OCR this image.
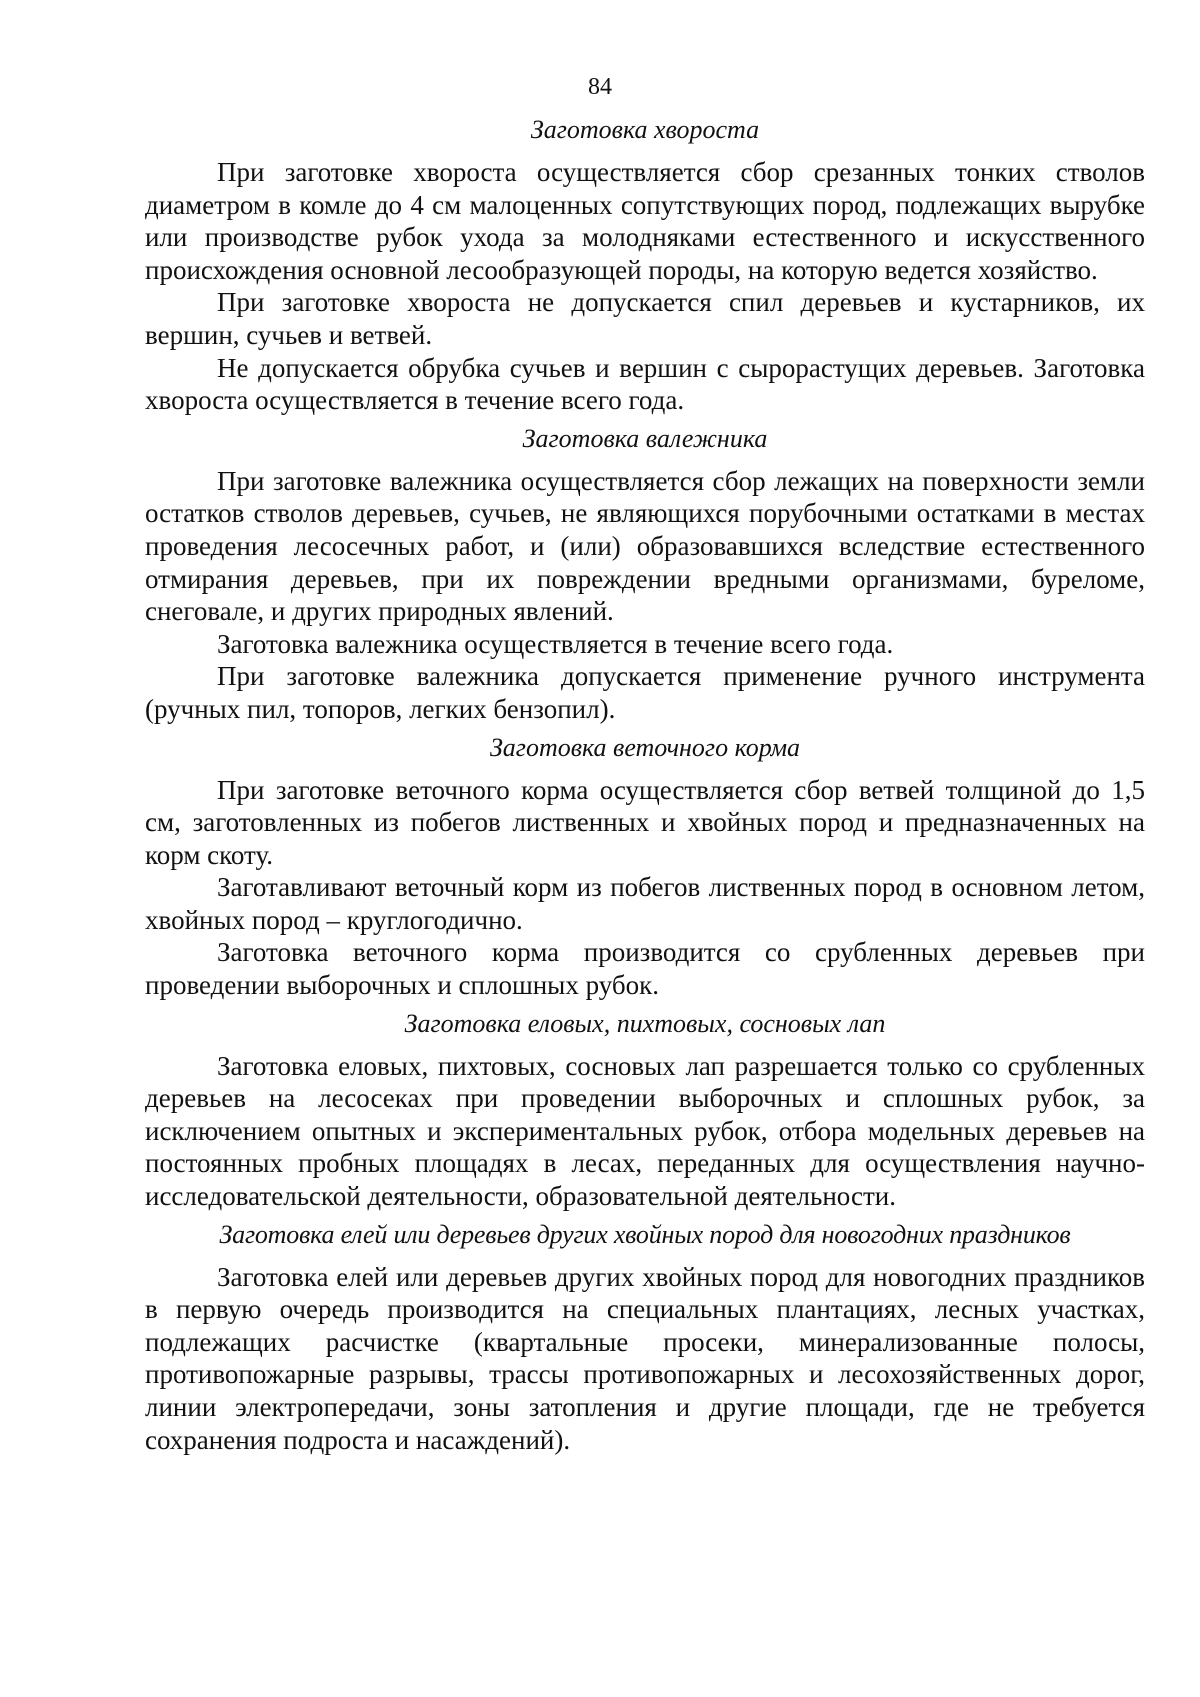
84
Заготовка хвороста

При заготовке хвороста осуществляется сбор срезанных тонких стволов диаметром в комле до 4 см малоценных сопутствующих пород, подлежащих вырубке или производстве рубок ухода за молодняками естественного и искусственного происхождения основной лесообразующей породы, на которую ведется хозяйство.

При заготовке хвороста не допускается спил деревьев и кустарников, их вершин, сучьев и ветвей.

Не допускается обрубка сучьев и вершин с сырорастущих деревьев. Заготовка хвороста осуществляется в течение всего года.

Заготовка валежника

При заготовке валежника осуществляется сбор лежащих на поверхности земли остатков стволов деревьев, сучьев, не являющихся порубочными остатками в местах проведения лесосечных работ, и (или) образовавшихся вследствие естественного отмирания деревьев, при их повреждении вредными организмами, буреломе, снеговале, и других природных явлений.

Заготовка валежника осуществляется в течение всего года.

При заготовке валежника допускается применение ручного инструмента (ручных пил, топоров, легких бензопил).

Заготовка веточного корма

При заготовке веточного корма осуществляется сбор ветвей толщиной до 1,5 см, заготовленных из побегов лиственных и хвойных пород и предназначенных на корм скоту.

Заготавливают веточный корм из побегов лиственных пород в основном летом, хвойных пород – круглогодично.

Заготовка веточного корма производится со срубленных деревьев при проведении выборочных и сплошных рубок.

Заготовка еловых, пихтовых, сосновых лап

Заготовка еловых, пихтовых, сосновых лап разрешается только со срубленных деревьев на лесосеках при проведении выборочных и сплошных рубок, за исключением опытных и экспериментальных рубок, отбора модельных деревьев на постоянных пробных площадях в лесах, переданных для осуществления научно-исследовательской деятельности, образовательной деятельности.

Заготовка елей или деревьев других хвойных пород для новогодних праздников

Заготовка елей или деревьев других хвойных пород для новогодних праздников в первую очередь производится на специальных плантациях, лесных участках, подлежащих расчистке (квартальные просеки, минерализованные полосы, противопожарные разрывы, трассы противопожарных и лесохозяйственных дорог, линии электропередачи, зоны затопления и другие площади, где не требуется сохранения подроста и насаждений).
